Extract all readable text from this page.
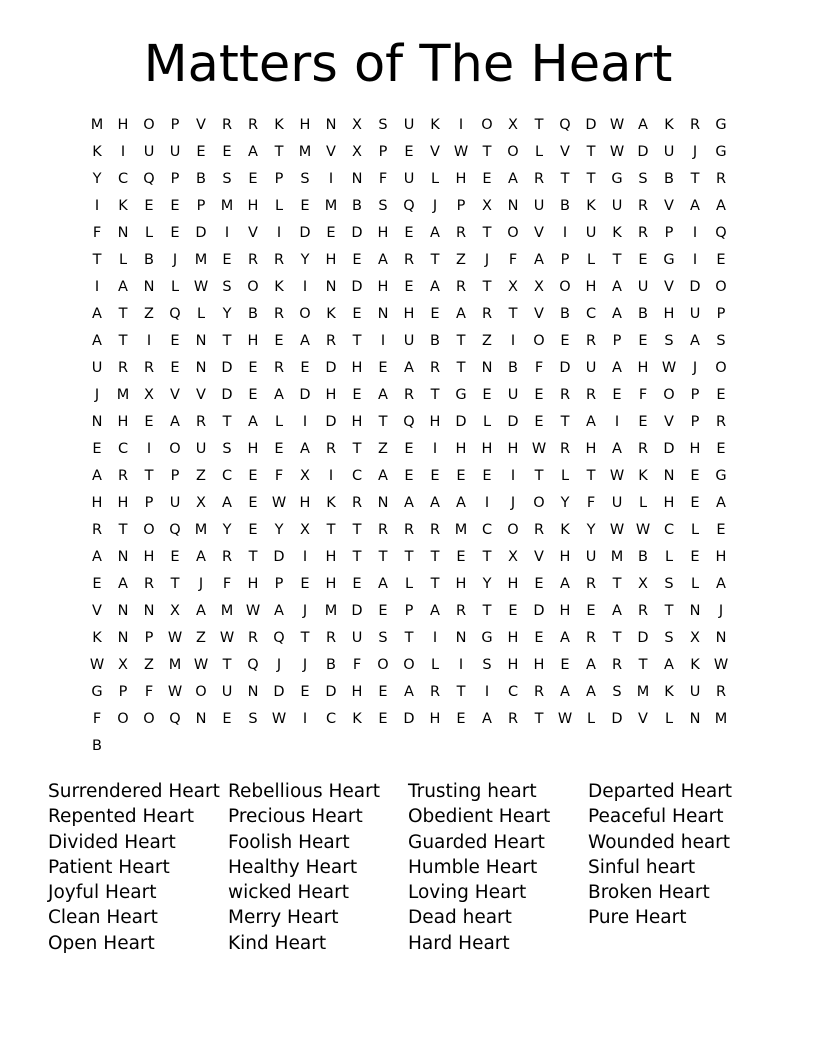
Matters of The Heart
M H	O	P	V	R	R	K	H	N	X	S	U	K	I	O	X	T	Q	D W A	K	R	G
K	I	U	U	E	E	A	T	M	V	X	P	E	V W T	O	L	V	T W D	U	J	G
Y	C	Q	P	B	S	E	P	S	I	N	F	U	L	H	E	A	R	T	T	G	S	B	T	R
I	K	E	E	P	M H	L	E	M	B	S	Q	J	P	X	N	U	B	K	U	R	V	A	A
F	N	L	E	D	I	V	I	D	E	D	H	E	A	R	T	O	V	I	U	K	R	P	I	Q
T	L	B	J	M	E	R	R	Y	H	E	A	R	T	Z	J	F	A	P	L	T	E	G	I	E
I	A	N	L	W S	O	K	I	N	D	H	E	A	R	T	X	X	O	H	A	U	V	D	O
A	T	Z	Q	L	Y	B	R	O	K	E	N	H	E	A	R	T	V	B	C	A	B	H	U	P
A	T	I	E	N	T	H	E	A	R	T	I	U	B	T	Z	I	O	E	R	P	E	S	A	S
U	R	R	E	N	D	E	R	E	D	H	E	A	R	T	N	B	F	D	U	A	H W	J	O
J	M	X	V	V	D	E	A	D	H	E	A	R	T	G	E	U	E	R	R	E	F	O	P	E
N	H	E	A	R	T	A	L	I	D	H	T	Q	H	D	L	D	E	T	A	I	E	V	P	R
E	C	I	O	U	S	H	E	A	R	T	Z	E	I	H	H	H W R	H	A	R	D	H	E
A	R	T	P	Z	C	E	F	X	I	C	A	E	E	E	E	I	T	L	T W K	N	E	G
H	H	P	U	X	A	E W H	K	R	N	A	A	A	I	J	O	Y	F	U	L	H	E	A
R	T	O	Q M	Y	E	Y	X	T	T	R	R	R	M	C	O	R	K	Y W W C	L	E
A	N	H	E	A	R	T	D	I	H	T	T	T	T	E	T	X	V	H	U M	B	L	E	H
E	A	R	T	J	F	H	P	E	H	E	A	L	T	H	Y	H	E	A	R	T	X	S	L	A
V	N	N	X	A	M W A	J	M D	E	P	A	R	T	E	D	H	E	A	R	T	N	J
K	N	P W Z W R	Q	T	R	U	S	T	I	N	G	H	E	A	R	T	D	S	X	N
W X	Z	M W T	Q	J	J	B	F	O	O	L	I	S	H	H	E	A	R	T	A	K W
G	P	F	W O	U	N	D	E	D	H	E	A	R	T	I	C	R	A	A	S	M	K	U	R
F	O	O	Q	N	E	S W	I	C	K	E	D	H	E	A	R	T W	L	D	V	L	N M
B
Surrendered Heart
Repented Heart
Divided Heart
Patient Heart
Joyful Heart
Clean Heart
Open Heart
Rebellious Heart
Precious Heart
Foolish Heart
Healthy Heart
wicked Heart
Merry Heart
Kind Heart
Trusting heart
Obedient Heart
Guarded Heart
Humble Heart
Loving Heart
Dead heart
Hard Heart
Departed Heart
Peaceful Heart
Wounded heart
Sinful heart
Broken Heart
Pure Heart
